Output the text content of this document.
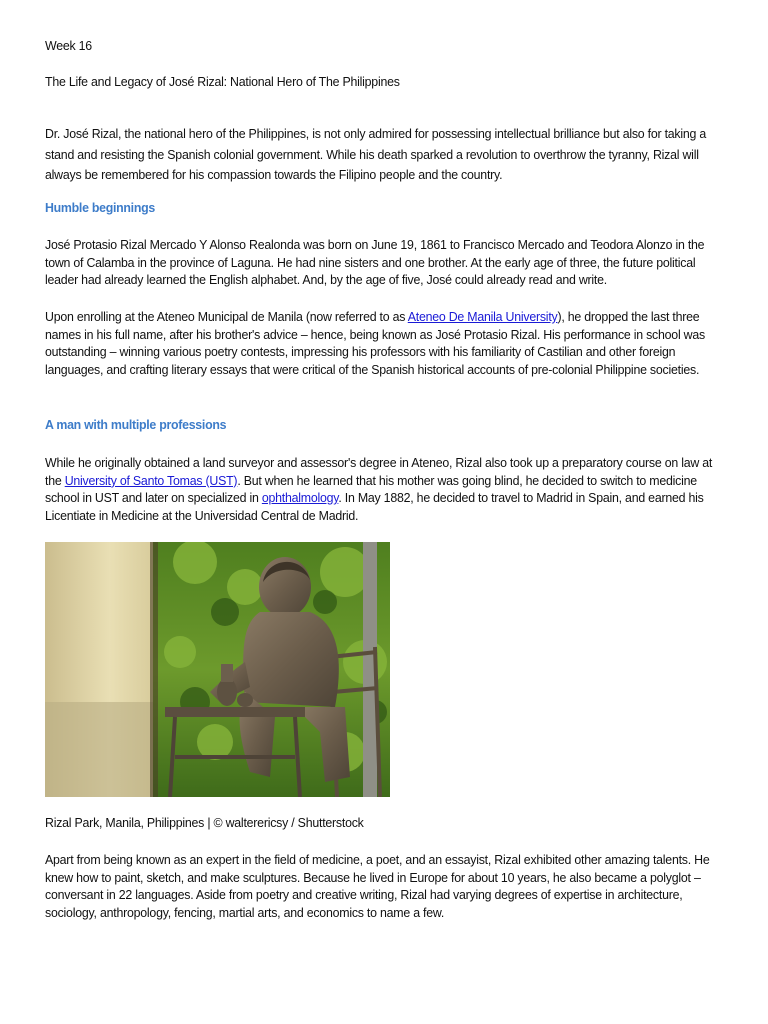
Week 16

The Life and Legacy of José Rizal: National Hero of The Philippines

Dr. José Rizal, the national hero of the Philippines, is not only admired for possessing intellectual brilliance but also for taking a stand and resisting the Spanish colonial government. While his death sparked a revolution to overthrow the tyranny, Rizal will always be remembered for his compassion towards the Filipino people and the country.

Humble beginnings

José Protasio Rizal Mercado Y Alonso Realonda was born on June 19, 1861 to Francisco Mercado and Teodora Alonzo in the town of Calamba in the province of Laguna. He had nine sisters and one brother. At the early age of three, the future political leader had already learned the English alphabet. And, by the age of five, José could already read and write.

Upon enrolling at the Ateneo Municipal de Manila (now referred to as Ateneo De Manila University), he dropped the last three names in his full name, after his brother's advice – hence, being known as José Protasio Rizal. His performance in school was outstanding – winning various poetry contests, impressing his professors with his familiarity of Castilian and other foreign languages, and crafting literary essays that were critical of the Spanish historical accounts of pre-colonial Philippine societies.

A man with multiple professions

While he originally obtained a land surveyor and assessor's degree in Ateneo, Rizal also took up a preparatory course on law at the University of Santo Tomas (UST). But when he learned that his mother was going blind, he decided to switch to medicine school in UST and later on specialized in ophthalmology. In May 1882, he decided to travel to Madrid in Spain, and earned his Licentiate in Medicine at the Universidad Central de Madrid.

Rizal Park, Manila, Philippines | © walterericsy / Shutterstock

Apart from being known as an expert in the field of medicine, a poet, and an essayist, Rizal exhibited other amazing talents. He knew how to paint, sketch, and make sculptures. Because he lived in Europe for about 10 years, he also became a polyglot – conversant in 22 languages. Aside from poetry and creative writing, Rizal had varying degrees of expertise in architecture, sociology, anthropology, fencing, martial arts, and economics to name a few.
